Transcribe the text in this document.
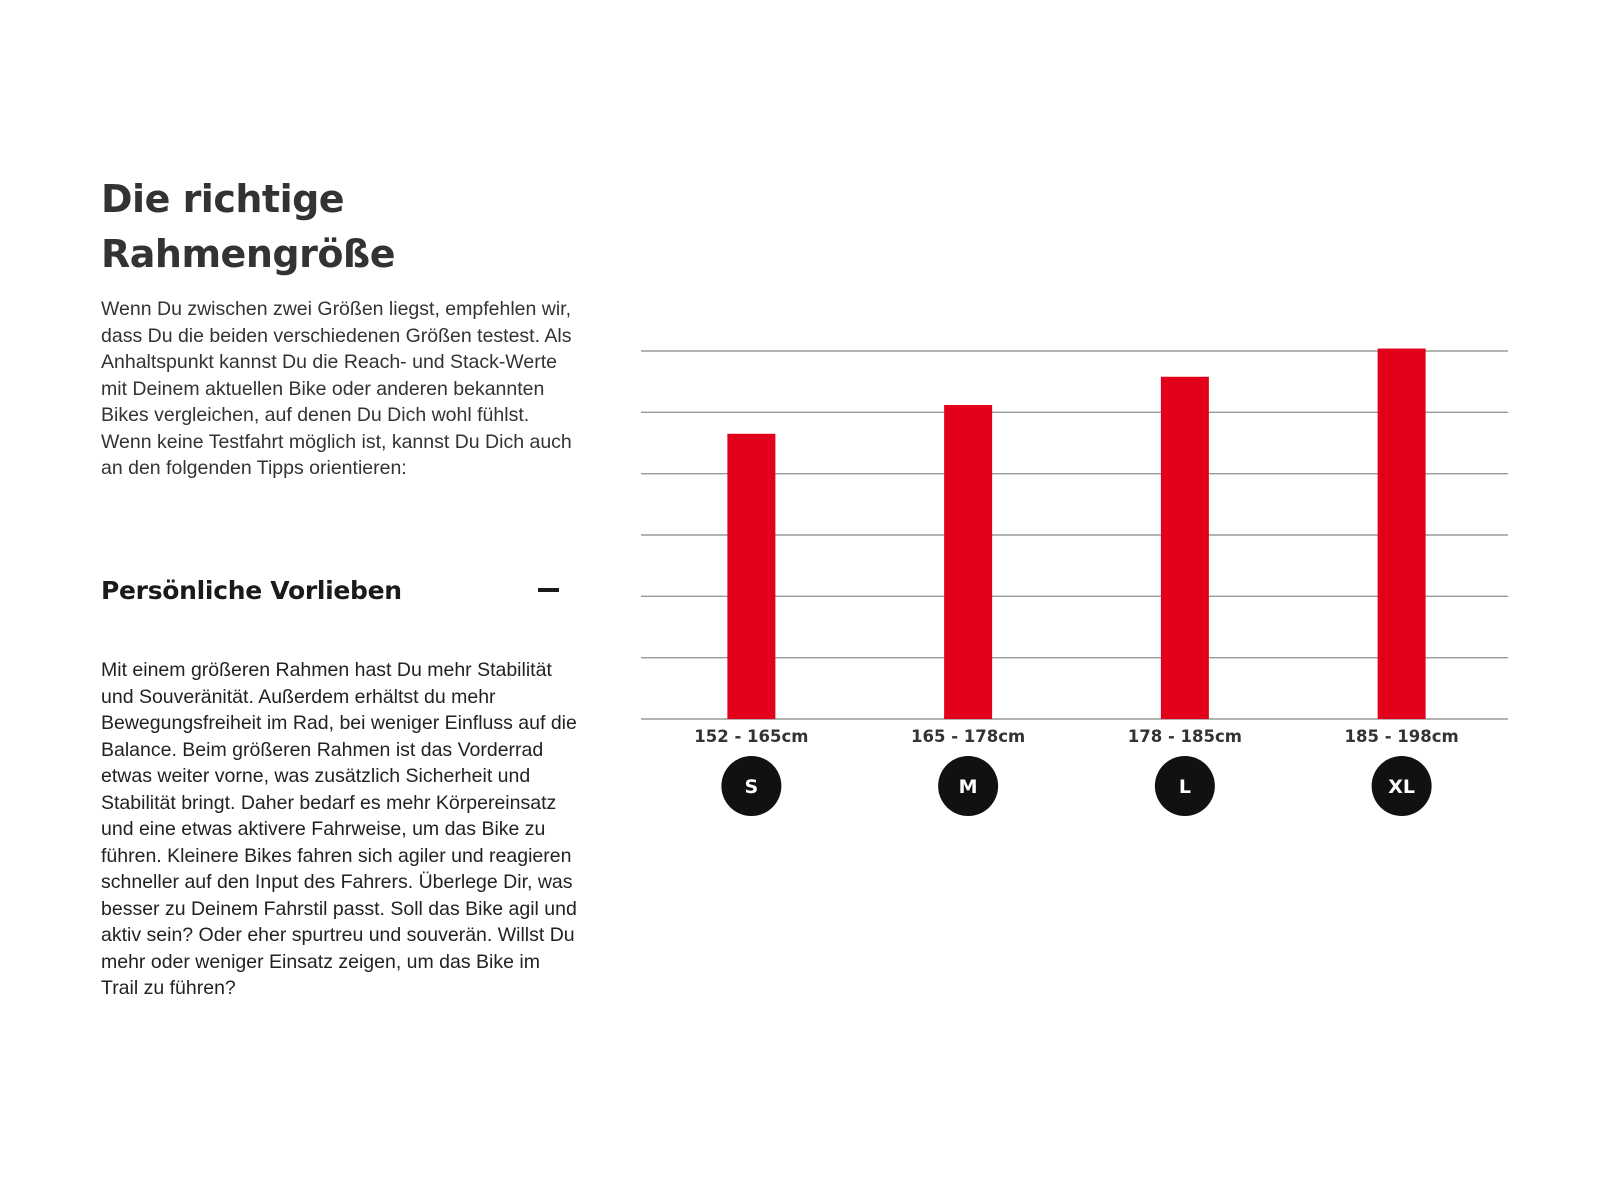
Die richtige Rahmengröße

Wenn Du zwischen zwei Größen liegst, empfehlen wir, dass Du die beiden verschiedenen Größen testest. Als Anhaltspunkt kannst Du die Reach- und Stack-Werte mit Deinem aktuellen Bike oder anderen bekannten Bikes vergleichen, auf denen Du Dich wohl fühlst. Wenn keine Testfahrt möglich ist, kannst Du Dich auch an den folgenden Tipps orientieren:

Persönliche Vorlieben

Mit einem größeren Rahmen hast Du mehr Stabilität und Souveränität. Außerdem erhältst du mehr Bewegungsfreiheit im Rad, bei weniger Einfluss auf die Balance. Beim größeren Rahmen ist das Vorderrad etwas weiter vorne, was zusätzlich Sicherheit und Stabilität bringt. Daher bedarf es mehr Körpereinsatz und eine etwas aktivere Fahrweise, um das Bike zu führen. Kleinere Bikes fahren sich agiler und reagieren schneller auf den Input des Fahrers. Überlege Dir, was besser zu Deinem Fahrstil passt. Soll das Bike agil und aktiv sein? Oder eher spurtreu und souverän. Willst Du mehr oder weniger Einsatz zeigen, um das Bike im Trail zu führen?

152 - 165cm
S
165 - 178cm
M
178 - 185cm
L
185 - 198cm
XL
